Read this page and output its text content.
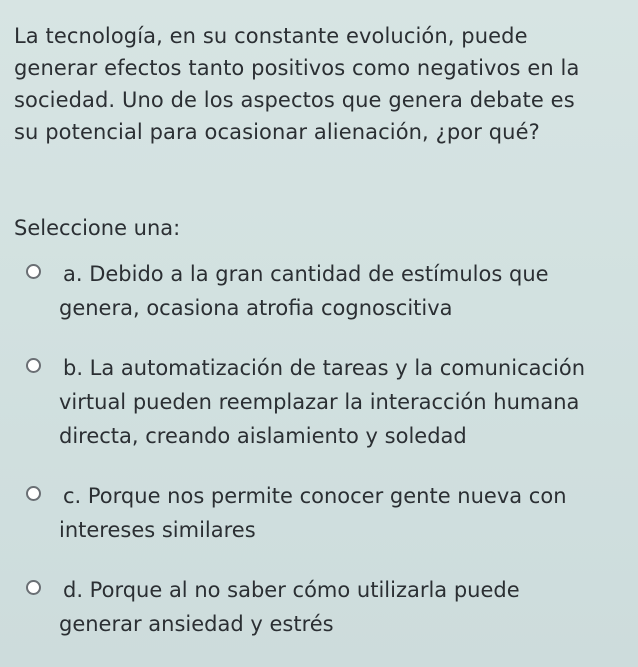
La tecnología, en su constante evolución, puede
generar efectos tanto positivos como negativos en la
sociedad. Uno de los aspectos que genera debate es
su potencial para ocasionar alienación, ¿por qué?
Seleccione una:
a. Debido a la gran cantidad de estímulos que
genera, ocasiona atrofia cognoscitiva
b. La automatización de tareas y la comunicación
virtual pueden reemplazar la interacción humana
directa, creando aislamiento y soledad
c. Porque nos permite conocer gente nueva con
intereses similares
d. Porque al no saber cómo utilizarla puede
generar ansiedad y estrés
